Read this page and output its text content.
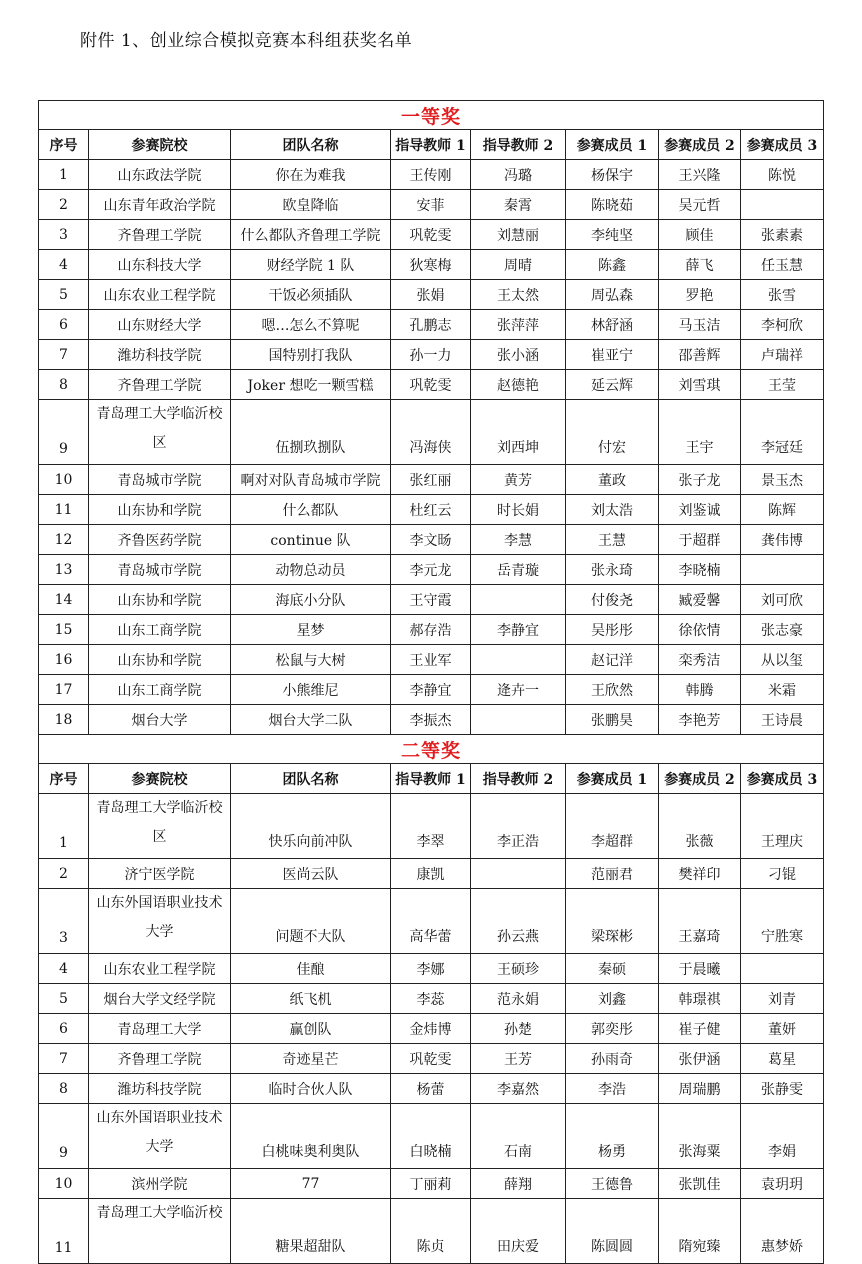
附件 1、创业综合模拟竞赛本科组获奖名单
一等奖							
序号	参赛院校	团队名称	指导教师 1	指导教师 2	参赛成员 1	参赛成员 2	参赛成员 3
1	山东政法学院	你在为难我	王传刚	冯璐	杨保宇	王兴隆	陈悦
2	山东青年政治学院	欧皇降临	安菲	秦霄	陈晓茹	吴元哲	
3	齐鲁理工学院	什么都队齐鲁理工学院	巩乾雯	刘慧丽	李纯坚	顾佳	张素素
4	山东科技大学	财经学院 1 队	狄寒梅	周晴	陈鑫	薛飞	任玉慧
5	山东农业工程学院	干饭必须插队	张娟	王太然	周弘森	罗艳	张雪
6	山东财经大学	嗯…怎么不算呢	孔鹏志	张萍萍	林舒涵	马玉洁	李柯欣
7	潍坊科技学院	国特别打我队	孙一力	张小涵	崔亚宁	邵善辉	卢瑞祥
8	齐鲁理工学院	Joker 想吃一颗雪糕	巩乾雯	赵德艳	延云辉	刘雪琪	王莹
9	青岛理工大学临沂校区	伍捌玖捌队	冯海侠	刘西坤	付宏	王宇	李冠廷
10	青岛城市学院	啊对对队青岛城市学院	张红丽	黄芳	董政	张子龙	景玉杰
11	山东协和学院	什么都队	杜红云	时长娟	刘太浩	刘鉴诚	陈辉
12	齐鲁医药学院	continue 队	李文旸	李慧	王慧	于超群	龚伟博
13	青岛城市学院	动物总动员	李元龙	岳青璇	张永琦	李晓楠	
14	山东协和学院	海底小分队	王守霞		付俊尧	臧爱馨	刘可欣
15	山东工商学院	星梦	郝存浩	李静宜	吴彤彤	徐依情	张志豪
16	山东协和学院	松鼠与大树	王业军		赵记洋	栾秀洁	从以玺
17	山东工商学院	小熊维尼	李静宜	逄卉一	王欣然	韩腾	米霜
18	烟台大学	烟台大学二队	李振杰		张鹏昊	李艳芳	王诗晨
二等奖							
序号	参赛院校	团队名称	指导教师 1	指导教师 2	参赛成员 1	参赛成员 2	参赛成员 3
1	青岛理工大学临沂校区	快乐向前冲队	李翠	李正浩	李超群	张薇	王理庆
2	济宁医学院	医尚云队	康凯		范丽君	樊祥印	刁锟
3	山东外国语职业技术大学	问题不大队	高华蕾	孙云燕	梁琛彬	王嘉琦	宁胜寒
4	山东农业工程学院	佳酿	李娜	王硕珍	秦硕	于晨曦	
5	烟台大学文经学院	纸飞机	李蕊	范永娟	刘鑫	韩璟祺	刘青
6	青岛理工大学	赢创队	金炜博	孙楚	郭奕彤	崔子健	董妍
7	齐鲁理工学院	奇迹星芒	巩乾雯	王芳	孙雨奇	张伊涵	葛星
8	潍坊科技学院	临时合伙人队	杨蕾	李嘉然	李浩	周瑞鹏	张静雯
9	山东外国语职业技术大学	白桃味奥利奥队	白晓楠	石南	杨勇	张海粟	李娟
10	滨州学院	77	丁丽莉	薛翔	王德鲁	张凯佳	袁玥玥
11	青岛理工大学临沂校	糖果超甜队	陈贞	田庆爱	陈圆圆	隋宛臻	惠梦娇
